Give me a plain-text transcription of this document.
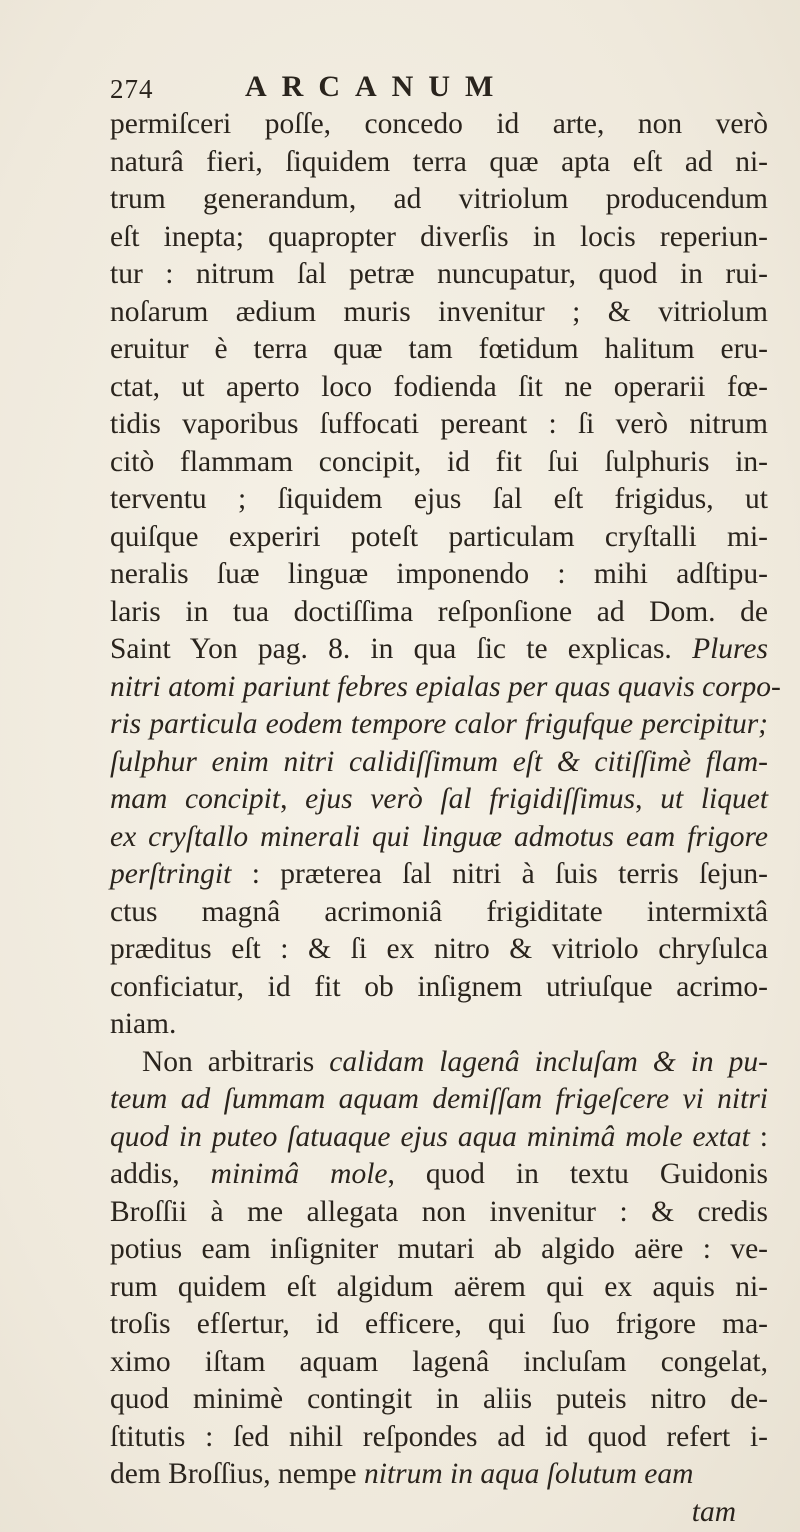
274	ARCANUM
permiſceri poſſe, concedo id arte, non verò
naturâ fieri, ſiquidem terra quæ apta eſt ad ni-
trum generandum, ad vitriolum producendum
eſt inepta; quapropter diverſis in locis reperiun-
tur : nitrum ſal petræ nuncupatur, quod in rui-
noſarum ædium muris invenitur ; & vitriolum
eruitur è terra quæ tam fœtidum halitum eru-
ctat, ut aperto loco fodienda ſit ne operarii fœ-
tidis vaporibus ſuffocati pereant : ſi verò nitrum
citò flammam concipit, id fit ſui ſulphuris in-
terventu ; ſiquidem ejus ſal eſt frigidus, ut
quiſque experiri poteſt particulam cryſtalli mi-
neralis ſuæ linguæ imponendo : mihi adſtipu-
laris in tua doctiſſima reſponſione ad Dom. de
Saint Yon pag. 8. in qua ſic te explicas. Plures
nitri atomi pariunt febres epialas per quas quavis corpo-
ris particula eodem tempore calor frigufque percipitur;
ſulphur enim nitri calidiſſimum eſt & citiſſimè flam-
mam concipit, ejus verò ſal frigidiſſimus, ut liquet
ex cryſtallo minerali qui linguæ admotus eam frigore
perſtringit : præterea ſal nitri à ſuis terris ſejun-
ctus magnâ acrimoniâ frigiditate intermixtâ
præditus eſt : & ſi ex nitro & vitriolo chryſulca
conficiatur, id fit ob inſignem utriuſque acrimo-
niam.
Non arbitraris calidam lagenâ incluſam & in pu-
teum ad ſummam aquam demiſſam frigeſcere vi nitri
quod in puteo ſatuaque ejus aqua minimâ mole extat :
addis, minimâ mole, quod in textu Guidonis
Broſſii à me allegata non invenitur : & credis
potius eam inſigniter mutari ab algido aëre : ve-
rum quidem eſt algidum aërem qui ex aquis ni-
troſis efſertur, id efficere, qui ſuo frigore ma-
ximo iſtam aquam lagenâ incluſam congelat,
quod minimè contingit in aliis puteis nitro de-
ſtitutis : ſed nihil reſpondes ad id quod refert i-
dem Broſſius, nempe nitrum in aqua ſolutum eam
tam
